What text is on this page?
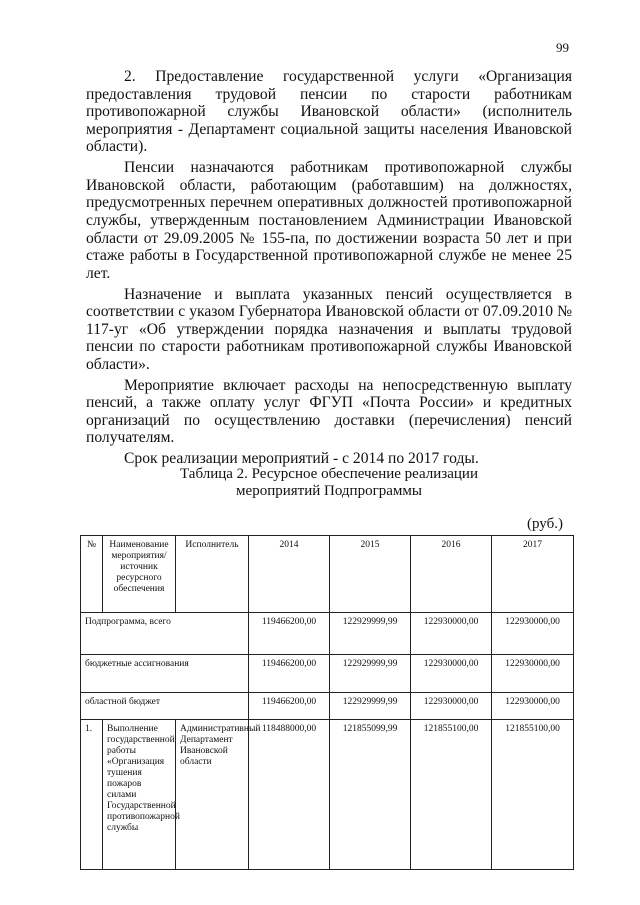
99

2. Предоставление государственной услуги «Организация предоставления трудовой пенсии по старости работникам противопожарной службы Ивановской области» (исполнитель мероприятия - Департамент социальной защиты населения Ивановской области).

Пенсии назначаются работникам противопожарной службы Ивановской области, работающим (работавшим) на должностях, предусмотренных перечнем оперативных должностей противопожарной службы, утвержденным постановлением Администрации Ивановской области от 29.09.2005 № 155-па, по достижении возраста 50 лет и при стаже работы в Государственной противопожарной службе не менее 25 лет.

Назначение и выплата указанных пенсий осуществляется в соответствии с указом Губернатора Ивановской области от 07.09.2010 № 117-уг «Об утверждении порядка назначения и выплаты трудовой пенсии по старости работникам противопожарной службы Ивановской области».

Мероприятие включает расходы на непосредственную выплату пенсий, а также оплату услуг ФГУП «Почта России» и кредитных организаций по осуществлению доставки (перечисления) пенсий получателям.

Срок реализации мероприятий - с 2014 по 2017 годы.

Таблица 2. Ресурсное обеспечение реализации
мероприятий Подпрограммы
(руб.)
№	Наименование мероприятия/ источник ресурсного обеспечения	Исполнитель	2014	2015	2016	2017
Подпрограмма, всего			119466200,00	122929999,99	122930000,00	122930000,00
бюджетные ассигнования			119466200,00	122929999,99	122930000,00	122930000,00
областной бюджет			119466200,00	122929999,99	122930000,00	122930000,00
1.	Выполнение государственной работы «Организация тушения пожаров силами Государственной противопожарной службы	Административный Департамент Ивановской области	118488000,00	121855099,99	121855100,00	121855100,00
